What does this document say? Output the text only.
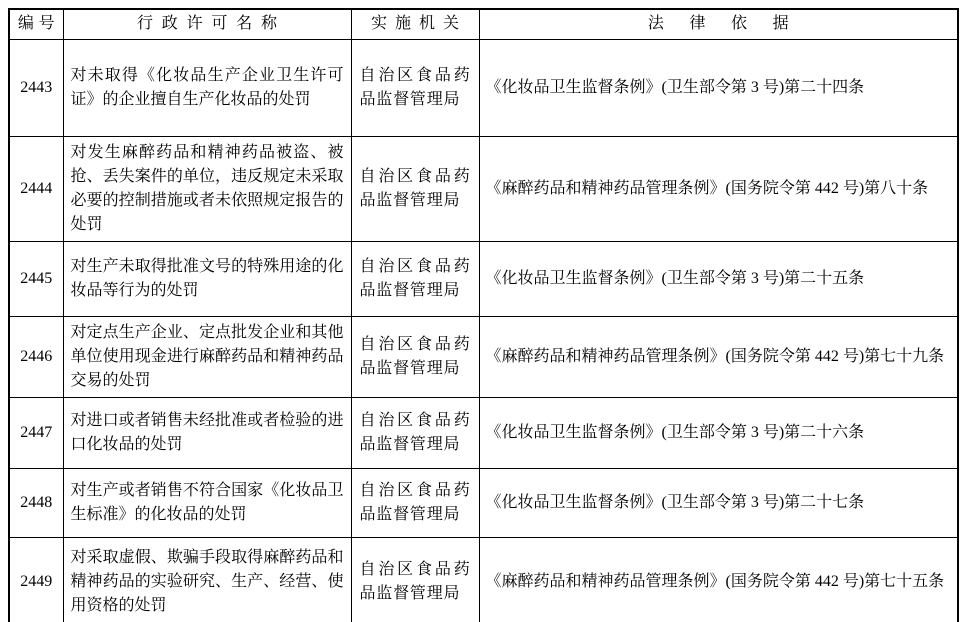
编号	行政许可名称	实施机关	法律依据
2443	对未取得《化妆品生产企业卫生许可证》的企业擅自生产化妆品的处罚	自治区食品药品监督管理局	《化妆品卫生监督条例》(卫生部令第 3 号)第二十四条
2444	对发生麻醉药品和精神药品被盗、被抢、丢失案件的单位，违反规定未采取必要的控制措施或者未依照规定报告的处罚	自治区食品药品监督管理局	《麻醉药品和精神药品管理条例》(国务院令第 442 号)第八十条
2445	对生产未取得批准文号的特殊用途的化妆品等行为的处罚	自治区食品药品监督管理局	《化妆品卫生监督条例》(卫生部令第 3 号)第二十五条
2446	对定点生产企业、定点批发企业和其他单位使用现金进行麻醉药品和精神药品交易的处罚	自治区食品药品监督管理局	《麻醉药品和精神药品管理条例》(国务院令第 442 号)第七十九条
2447	对进口或者销售未经批准或者检验的进口化妆品的处罚	自治区食品药品监督管理局	《化妆品卫生监督条例》(卫生部令第 3 号)第二十六条
2448	对生产或者销售不符合国家《化妆品卫生标准》的化妆品的处罚	自治区食品药品监督管理局	《化妆品卫生监督条例》(卫生部令第 3 号)第二十七条
2449	对采取虚假、欺骗手段取得麻醉药品和精神药品的实验研究、生产、经营、使用资格的处罚	自治区食品药品监督管理局	《麻醉药品和精神药品管理条例》(国务院令第 442 号)第七十五条
